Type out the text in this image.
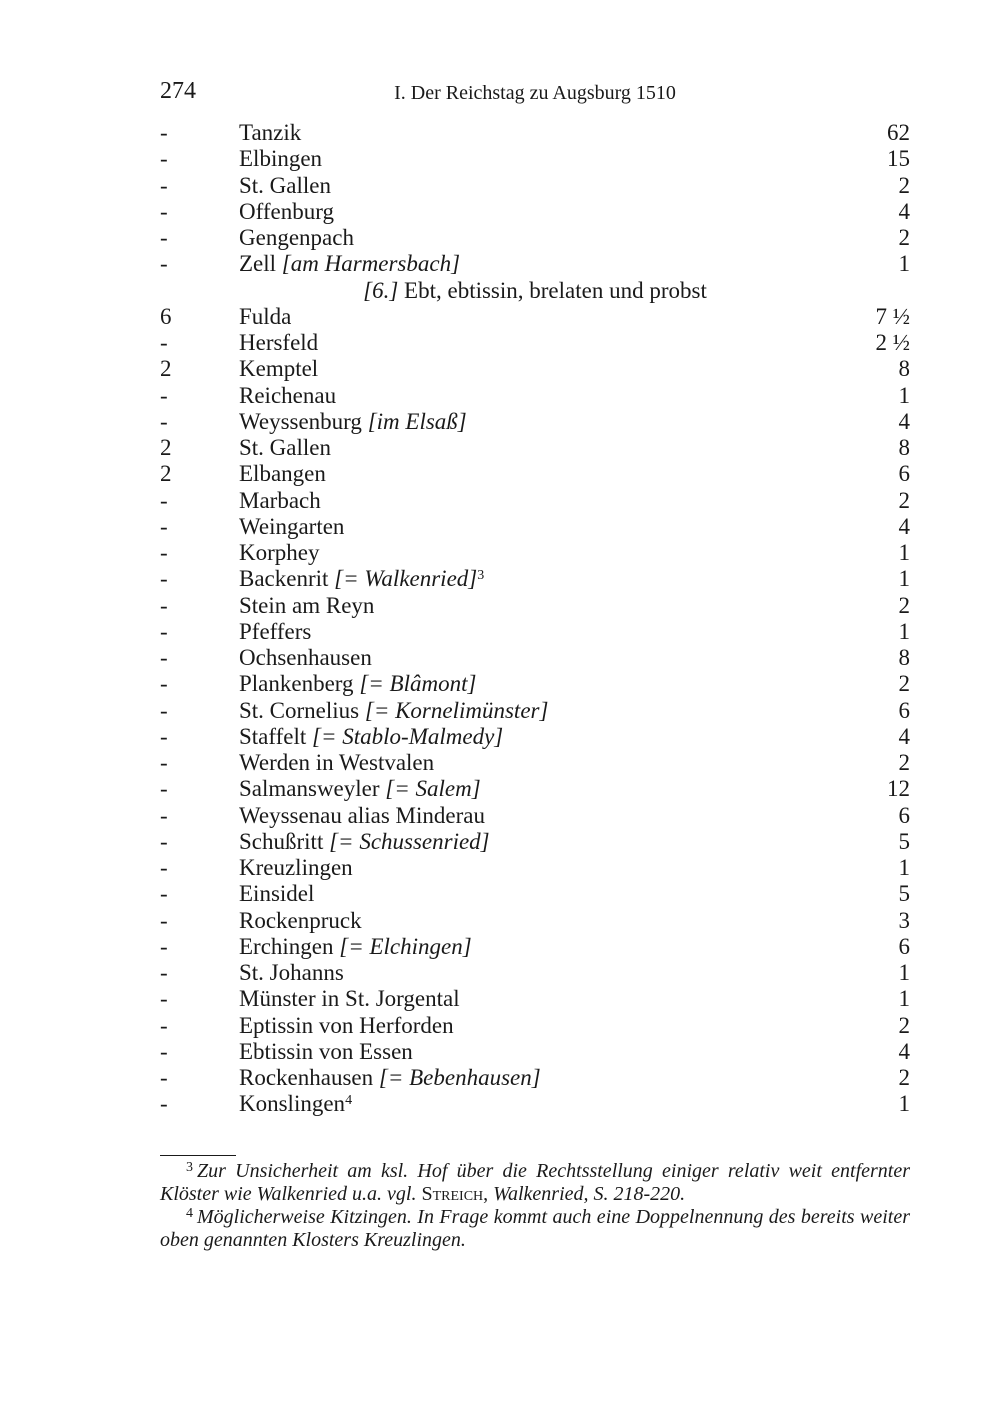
274	I. Der Reichstag zu Augsburg 1510
-	Tanzik	62
-	Elbingen	15
-	St. Gallen	2
-	Offenburg	4
-	Gengenpach	2
-	Zell [am Harmersbach]	1
[6.] Ebt, ebtissin, brelaten und probst
6	Fulda	7 ½
-	Hersfeld	2 ½
2	Kemptel	8
-	Reichenau	1
-	Weyssenburg [im Elsaß]	4
2	St. Gallen	8
2	Elbangen	6
-	Marbach	2
-	Weingarten	4
-	Korphey	1
-	Backenrit [= Walkenried]$^3$	1
-	Stein am Reyn	2
-	Pfeffers	1
-	Ochsenhausen	8
-	Plankenberg [= Blâmont]	2
-	St. Cornelius [= Kornelimünster]	6
-	Staffelt [= Stablo-Malmedy]	4
-	Werden in Westvalen	2
-	Salmansweyler [= Salem]	12
-	Weyssenau alias Minderau	6
-	Schußritt [= Schussenried]	5
-	Kreuzlingen	1
-	Einsidel	5
-	Rockenpruck	3
-	Erchingen [= Elchingen]	6
-	St. Johanns	1
-	Münster in St. Jorgental	1
-	Eptissin von Herforden	2
-	Ebtissin von Essen	4
-	Rockenhausen [= Bebenhausen]	2
-	Konslingen$^4$	1
$^3$ Zur Unsicherheit am ksl. Hof über die Rechtsstellung einiger relativ weit entfernter Klöster wie Walkenried u.a. vgl. Streich, Walkenried, S. 218-220.
$^4$ Möglicherweise Kitzingen. In Frage kommt auch eine Doppelnennung des bereits weiter oben genannten Klosters Kreuzlingen.
